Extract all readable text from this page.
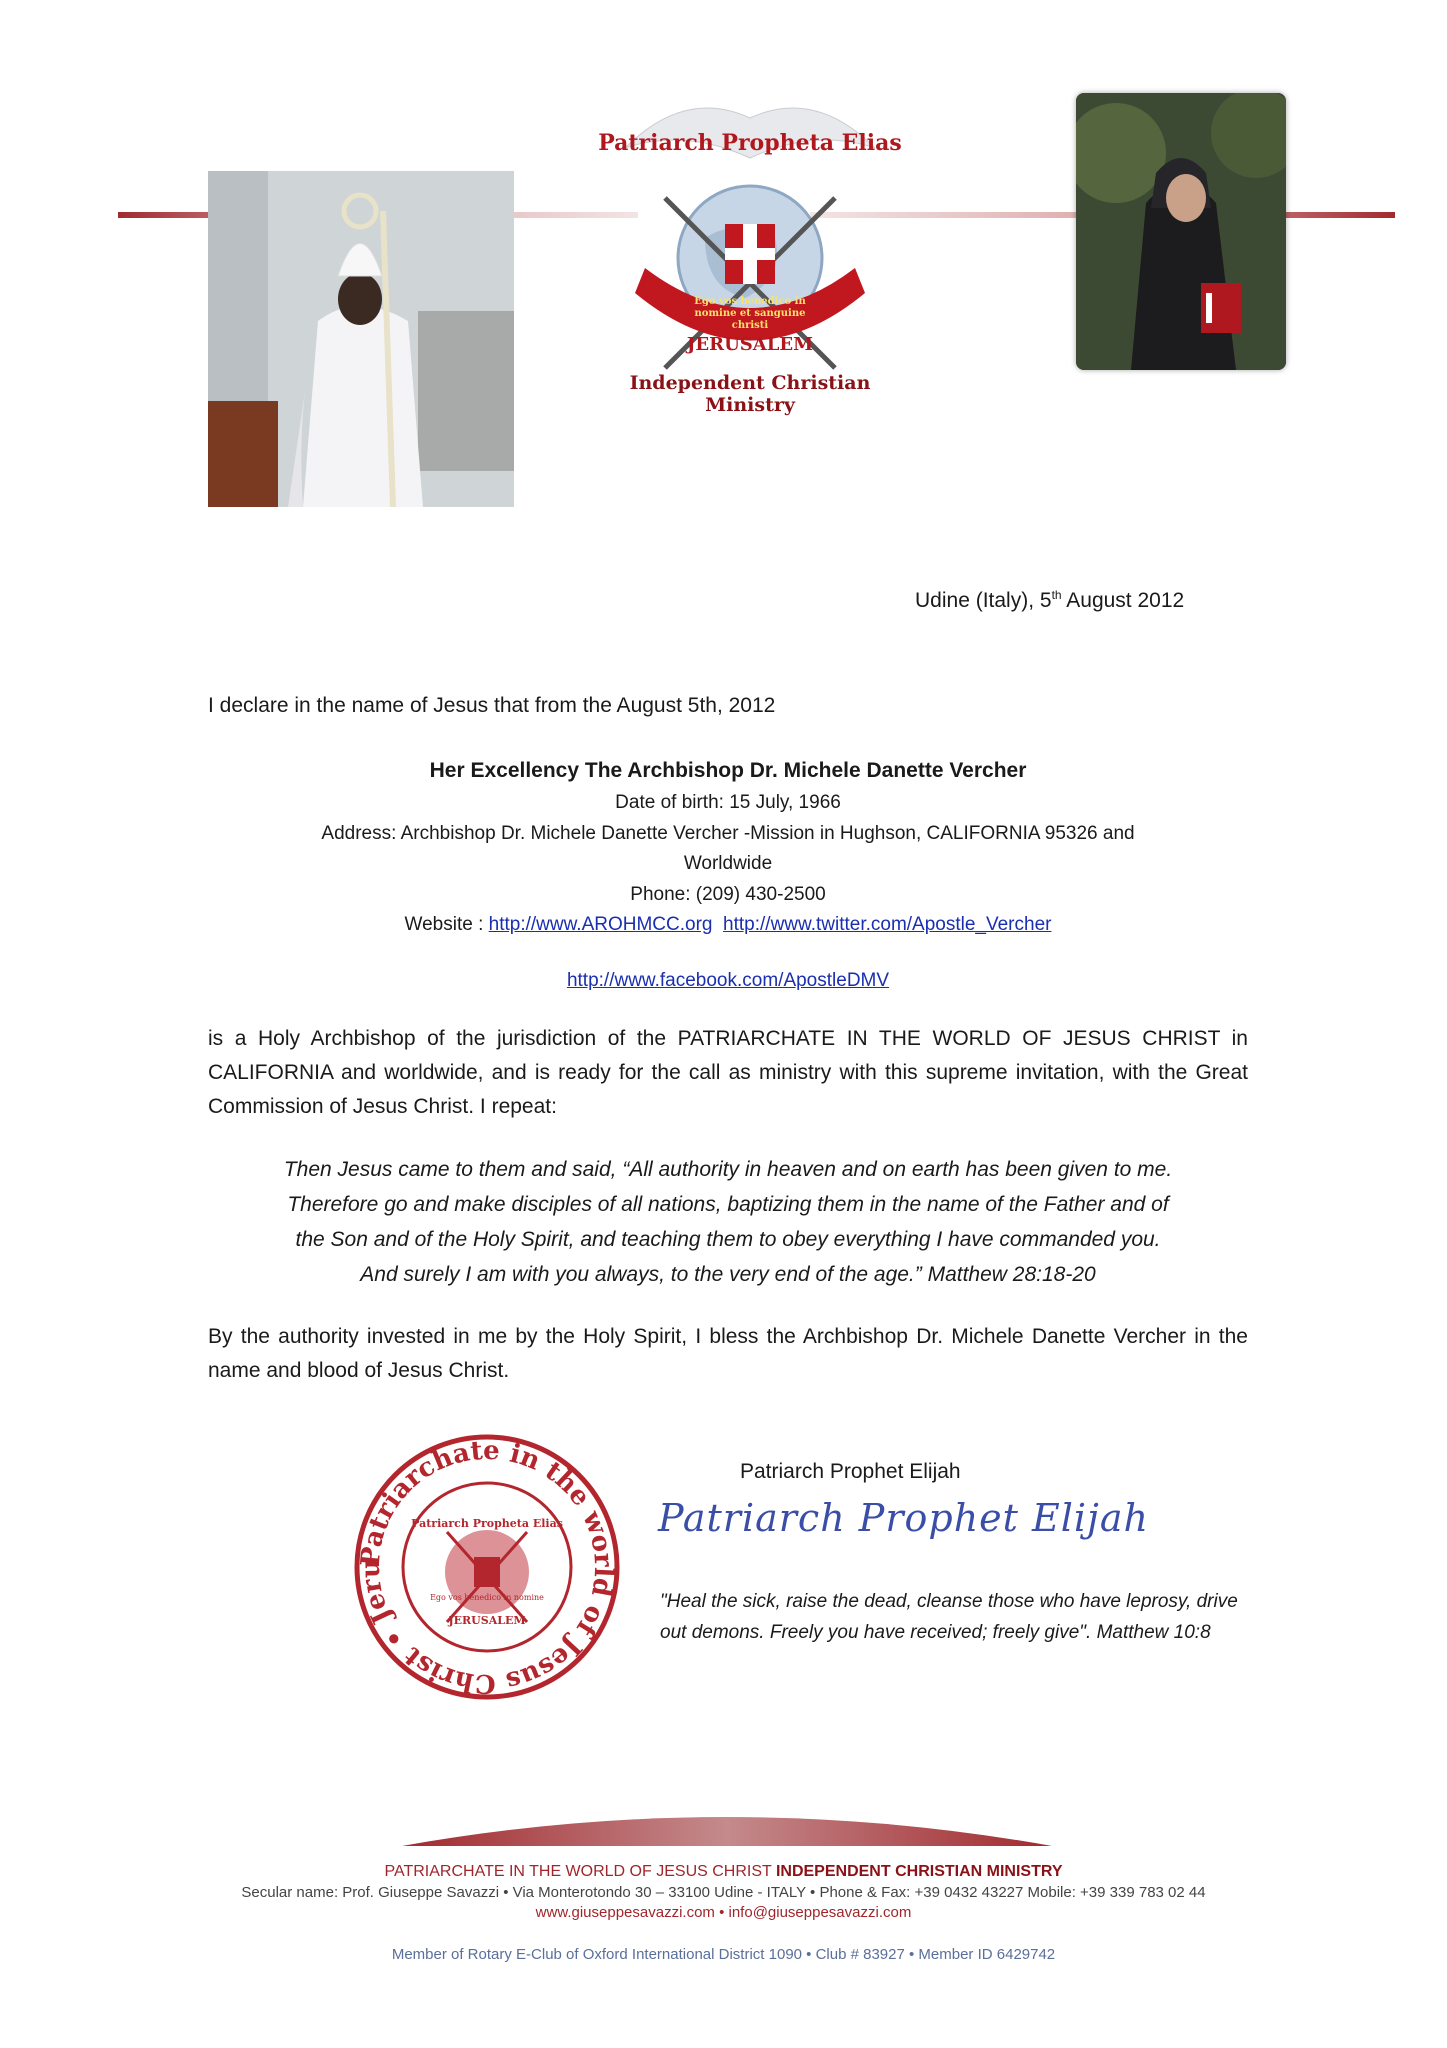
Patriarch Propheta Elias
Ego vos benedico in nomine et sanguine christi
JERUSALEM
Independent Christian Ministry
Udine (Italy), 5th August 2012
I declare in the name of Jesus that from the August 5th, 2012
Her Excellency The Archbishop Dr. Michele Danette Vercher
Date of birth: 15 July, 1966
Address: Archbishop Dr. Michele Danette Vercher -Mission in Hughson, CALIFORNIA 95326 and
Worldwide
Phone: (209) 430-2500
Website : http://www.AROHMCC.org http://www.twitter.com/Apostle_Vercher
http://www.facebook.com/ApostleDMV
is a Holy Archbishop of the jurisdiction of the PATRIARCHATE IN THE WORLD OF JESUS CHRIST in CALIFORNIA and worldwide, and is ready for the call as ministry with this supreme invitation, with the Great Commission of Jesus Christ. I repeat:
Then Jesus came to them and said, “All authority in heaven and on earth has been given to me.
Therefore go and make disciples of all nations, baptizing them in the name of the Father and of
the Son and of the Holy Spirit, and teaching them to obey everything I have commanded you.
And surely I am with you always, to the very end of the age.” Matthew 28:18-20
By the authority invested in me by the Holy Spirit, I bless the Archbishop Dr. Michele Danette Vercher in the name and blood of Jesus Christ.
Patriarchate in the world of Jesus Christ • Jeru
Patriarch Propheta Elias
Ego vos benedico in nomine
JERUSALEM
Patriarch Prophet Elijah
Patriarch Prophet Elijah
"Heal the sick, raise the dead, cleanse those who have leprosy, drive out demons. Freely you have received; freely give". Matthew 10:8
PATRIARCHATE IN THE WORLD OF JESUS CHRIST INDEPENDENT CHRISTIAN MINISTRY
Secular name: Prof. Giuseppe Savazzi • Via Monterotondo 30 – 33100 Udine - ITALY • Phone & Fax: +39 0432 43227 Mobile: +39 339 783 02 44
www.giuseppesavazzi.com • info@giuseppesavazzi.com
Member of Rotary E-Club of Oxford International District 1090 • Club # 83927 • Member ID 6429742
